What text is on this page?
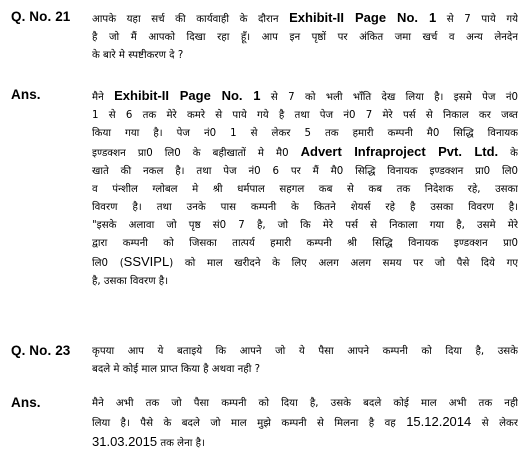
Q. No. 21 आपके यहा सर्च की कार्यवाही के दौरान Exhibit-II Page No. 1 से 7 पाये गये
है जो मैं आपको दिखा रहा हूँ। आप इन पृष्ठों पर अंकित जमा खर्च व अन्य लेनदेन
के बारे मे स्पष्टीकरण दे ?
Ans.	मैने Exhibit-II Page No. 1 से 7 को भली भाँति देख लिया है। इसमे पेज नं0
1 से 6 तक मेरे कमरे से पाये गये है तथा पेज नं0 7 मेरे पर्स से निकाल कर जब्त
किया गया है। पेज नं0 1 से लेकर 5 तक हमारी कम्पनी मै0 सिद्धि विनायक
इण्डक्शन प्रा0 लि0 के बहीखातों मे मै0 Advert Infraproject Pvt. Ltd. के
खाते की नकल है। तथा पेज नं0 6 पर मैं मै0 सिद्धि विनायक इण्डक्शन प्रा0 लि0
व पंन्शील ग्लोबल मे श्री धर्मपाल सहगल कब से कब तक निदेशक रहे, उसका
विवरण है। तथा उनके पास कम्पनी के कितने शेयर्स रहे है उसका विवरण है।
"इसके अलावा जो पृष्ठ सं0 7 है, जो कि मेरे पर्स से निकाला गया है, उसमे मेरे
द्वारा कम्पनी को जिसका तात्पर्य हमारी कम्पनी श्री सिद्धि विनायक इण्डक्शन प्रा0
लि0 (SSVIPL) को माल खरीदने के लिए अलग अलग समय पर जो पैसे दिये गए
है, उसका विवरण है।
Q. No. 23 कृपया आप ये बताइये कि आपने जो ये पैसा आपने कम्पनी को दिया है, उसके
बदले मे कोई माल प्राप्त किया है अथवा नही ?
Ans.	मैने अभी तक जो पैसा कम्पनी को दिया है, उसके बदले कोई माल अभी तक नही
लिया है। पैसे के बदले जो माल मुझे कम्पनी से मिलना है वह 15.12.2014 से लेकर
31.03.2015 तक लेना है।
